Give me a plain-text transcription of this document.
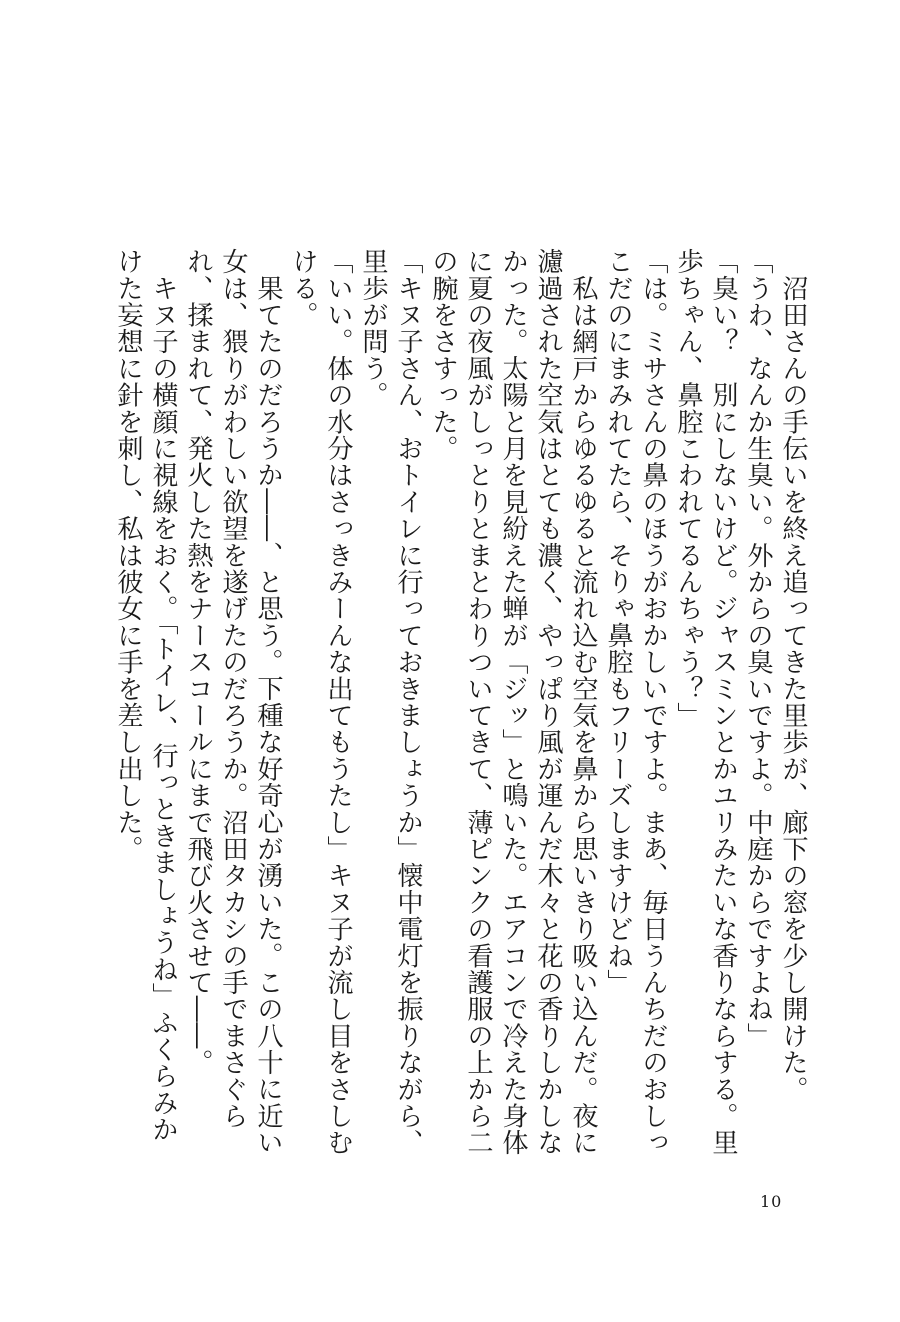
　沼田さんの手伝いを終え追ってきた里歩が、廊下の窓を少し開けた。

「うわ、なんか生臭い。外からの臭いですよ。中庭からですよね」

「臭い？　別にしないけど。ジャスミンとかユリみたいな香りならする。里歩ちゃん、鼻腔こわれてるんちゃう？」

「は。ミサさんの鼻のほうがおかしいですよ。まあ、毎日うんちだのおしっこだのにまみれてたら、そりゃ鼻腔もフリーズしますけどね」

　私は網戸からゆるゆると流れ込む空気を鼻から思いきり吸い込んだ。夜に濾過された空気はとても濃く、やっぱり風が運んだ木々と花の香りしかしなかった。太陽と月を見紛えた蝉が「ジッ」と鳴いた。エアコンで冷えた身体に夏の夜風がしっとりとまとわりついてきて、薄ピンクの看護服の上から二の腕をさすった。

「キヌ子さん、おトイレに行っておきましょうか」懐中電灯を振りながら、里歩が問う。

「いい。体の水分はさっきみーんな出てもうたし」キヌ子が流し目をさしむける。

　果てたのだろうか――、と思う。下種な好奇心が湧いた。この八十に近い女は、猥りがわしい欲望を遂げたのだろうか。沼田タカシの手でまさぐられ、揉まれて、発火した熱をナースコールにまで飛び火させて――。

　キヌ子の横顔に視線をおく。「トイレ、行っときましょうね」ふくらみかけた妄想に針を刺し、私は彼女に手を差し出した。

10
